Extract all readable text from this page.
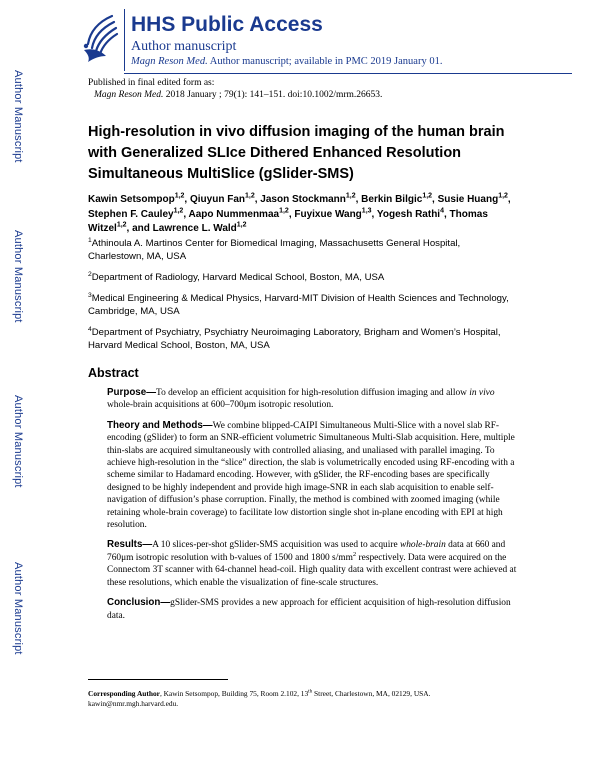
Author Manuscript
Author Manuscript
Author Manuscript
Author Manuscript
HHS Public Access
Author manuscript
Magn Reson Med. Author manuscript; available in PMC 2019 January 01.
Published in final edited form as:
Magn Reson Med. 2018 January ; 79(1): 141–151. doi:10.1002/mrm.26653.
High-resolution in vivo diffusion imaging of the human brain
with Generalized SLIce Dithered Enhanced Resolution
Simultaneous MultiSlice (gSlider-SMS)
Kawin Setsompop$^{1,2}$, Qiuyun Fan$^{1,2}$, Jason Stockmann$^{1,2}$, Berkin Bilgic$^{1,2}$, Susie Huang$^{1,2}$, Stephen F. Cauley$^{1,2}$, Aapo Nummenmaa$^{1,2}$, Fuyixue Wang$^{1,3}$, Yogesh Rathi$^4$, Thomas Witzel$^{1,2}$, and Lawrence L. Wald$^{1,2}$

$^1$Athinoula A. Martinos Center for Biomedical Imaging, Massachusetts General Hospital, Charlestown, MA, USA

$^2$Department of Radiology, Harvard Medical School, Boston, MA, USA

$^3$Medical Engineering & Medical Physics, Harvard-MIT Division of Health Sciences and Technology, Cambridge, MA, USA

$^4$Department of Psychiatry, Psychiatry Neuroimaging Laboratory, Brigham and Women’s Hospital, Harvard Medical School, Boston, MA, USA

Abstract

Purpose—To develop an efficient acquisition for high-resolution diffusion imaging and allow in vivo whole-brain acquisitions at 600–700μm isotropic resolution.

Theory and Methods—We combine blipped-CAIPI Simultaneous Multi-Slice with a novel slab RF-encoding (gSlider) to form an SNR-efficient volumetric Simultaneous Multi-Slab acquisition. Here, multiple thin-slabs are acquired simultaneously with controlled aliasing, and unaliased with parallel imaging. To achieve high-resolution in the “slice” direction, the slab is volumetrically encoded using RF-encoding with a scheme similar to Hadamard encoding. However, with gSlider, the RF-encoding bases are specifically designed to be highly independent and provide high image-SNR in each slab acquisition to enable self-navigation of diffusion’s phase corruption. Finally, the method is combined with zoomed imaging (while retaining whole-brain coverage) to facilitate low distortion single shot in-plane encoding with EPI at high resolution.

Results—A 10 slices-per-shot gSlider-SMS acquisition was used to acquire whole-brain data at 660 and 760μm isotropic resolution with b-values of 1500 and 1800 $s/mm^2$ respectively. Data were acquired on the Connectom 3T scanner with 64-channel head-coil. High quality data with excellent contrast were achieved at these resolutions, which enable the visualization of fine-scale structures.

Conclusion—gSlider-SMS provides a new approach for efficient acquisition of high-resolution diffusion data.

Corresponding Author, Kawin Setsompop, Building 75, Room 2.102, 13th Street, Charlestown, MA, 02129, USA. kawin@nmr.mgh.harvard.edu.
